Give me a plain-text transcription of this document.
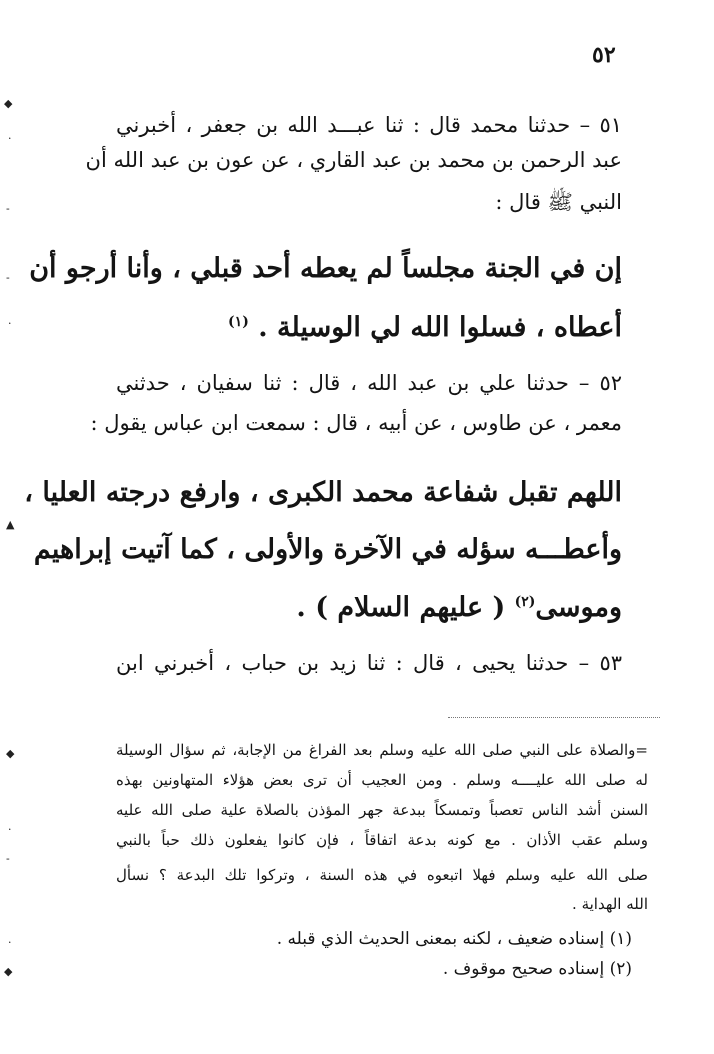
٥٢
٥١ – حدثنا محمد قال : ثنا عبـــد الله بن جعفر ، أخبرني
عبد الرحمن بن محمد بن عبد القاري ، عن عون بن عبد الله أن
النبي ﷺ قال :
إن في الجنة مجلساً لم يعطه أحد قبلي ، وأنا أرجو أن
أعطاه ، فسلوا الله لي الوسيلة . $^{(١)}$
٥٢ – حدثنا علي بن عبد الله ، قال : ثنا سفيان ، حدثني
معمر ، عن طاوس ، عن أبيه ، قال : سمعت ابن عباس يقول :
اللهم تقبل شفاعة محمد الكبرى ، وارفع درجته العليا ،
وأعطـــه سؤله في الآخرة والأولى ، كما آتيت إبراهيم
وموسى$^{(٢)}$ ( عليهم السلام ) .
٥٣ – حدثنا يحيى ، قال : ثنا زيد بن حباب ، أخبرني ابن
=والصلاة على النبي صلى الله عليه وسلم بعد الفراغ من الإجابة، ثم سؤال الوسيلة
له صلى الله عليــــه وسلم . ومن العجيب أن ترى بعض هؤلاء المتهاونين بهذه
السنن أشد الناس تعصباً وتمسكاً ببدعة جهر المؤذن بالصلاة علية صلى الله عليه
وسلم عقب الأذان . مع كونه بدعة اتفاقاً ، فإن كانوا يفعلون ذلك حباً بالنبي
صلى الله عليه وسلم فهلا اتبعوه في هذه السنة ، وتركوا تلك البدعة ؟ نسأل
الله الهداية .
(١) إسناده ضعيف ، لكنه بمعنى الحديث الذي قبله .
(٢) إسناده صحيح موقوف .
◆
·
-
-
·
▲
◆
·
-
·
◆
